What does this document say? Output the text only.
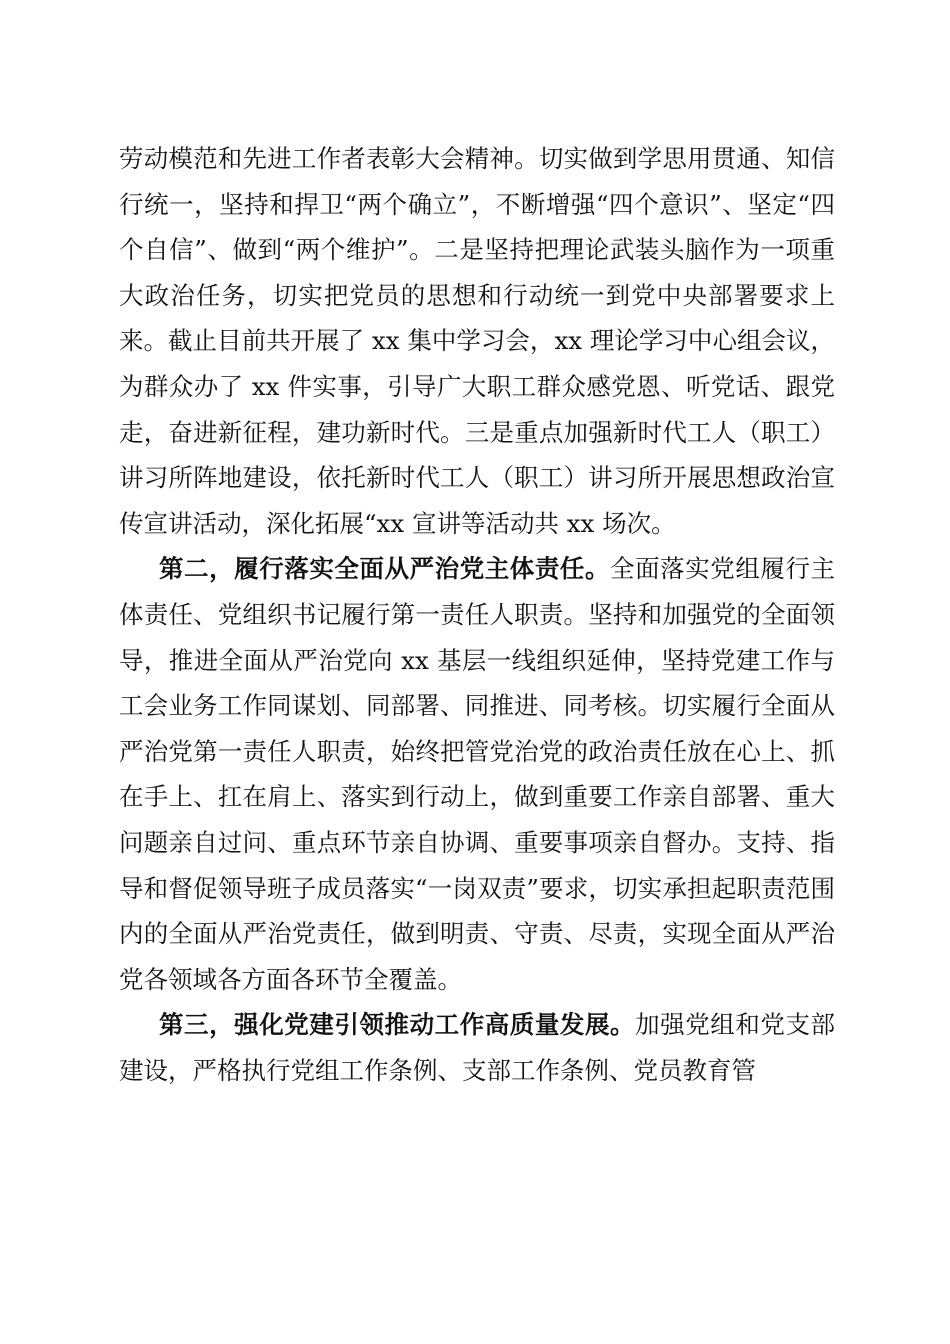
劳动模范和先进工作者表彰大会精神。切实做到学思用贯通、知信行统一，坚持和捍卫“两个确立”，不断增强“四个意识”、坚定“四个自信”、做到“两个维护”。二是坚持把理论武装头脑作为一项重大政治任务，切实把党员的思想和行动统一到党中央部署要求上来。截止目前共开展了 xx 集中学习会，xx 理论学习中心组会议，为群众办了 xx 件实事，引导广大职工群众感党恩、听党话、跟党走，奋进新征程，建功新时代。三是重点加强新时代工人（职工）讲习所阵地建设，依托新时代工人（职工）讲习所开展思想政治宣传宣讲活动，深化拓展“xx 宣讲等活动共 xx 场次。

第二，履行落实全面从严治党主体责任。全面落实党组履行主体责任、党组织书记履行第一责任人职责。坚持和加强党的全面领导，推进全面从严治党向 xx 基层一线组织延伸，坚持党建工作与工会业务工作同谋划、同部署、同推进、同考核。切实履行全面从严治党第一责任人职责，始终把管党治党的政治责任放在心上、抓在手上、扛在肩上、落实到行动上，做到重要工作亲自部署、重大问题亲自过问、重点环节亲自协调、重要事项亲自督办。支持、指导和督促领导班子成员落实“一岗双责”要求，切实承担起职责范围内的全面从严治党责任，做到明责、守责、尽责，实现全面从严治党各领域各方面各环节全覆盖。

第三，强化党建引领推动工作高质量发展。加强党组和党支部建设，严格执行党组工作条例、支部工作条例、党员教育管
